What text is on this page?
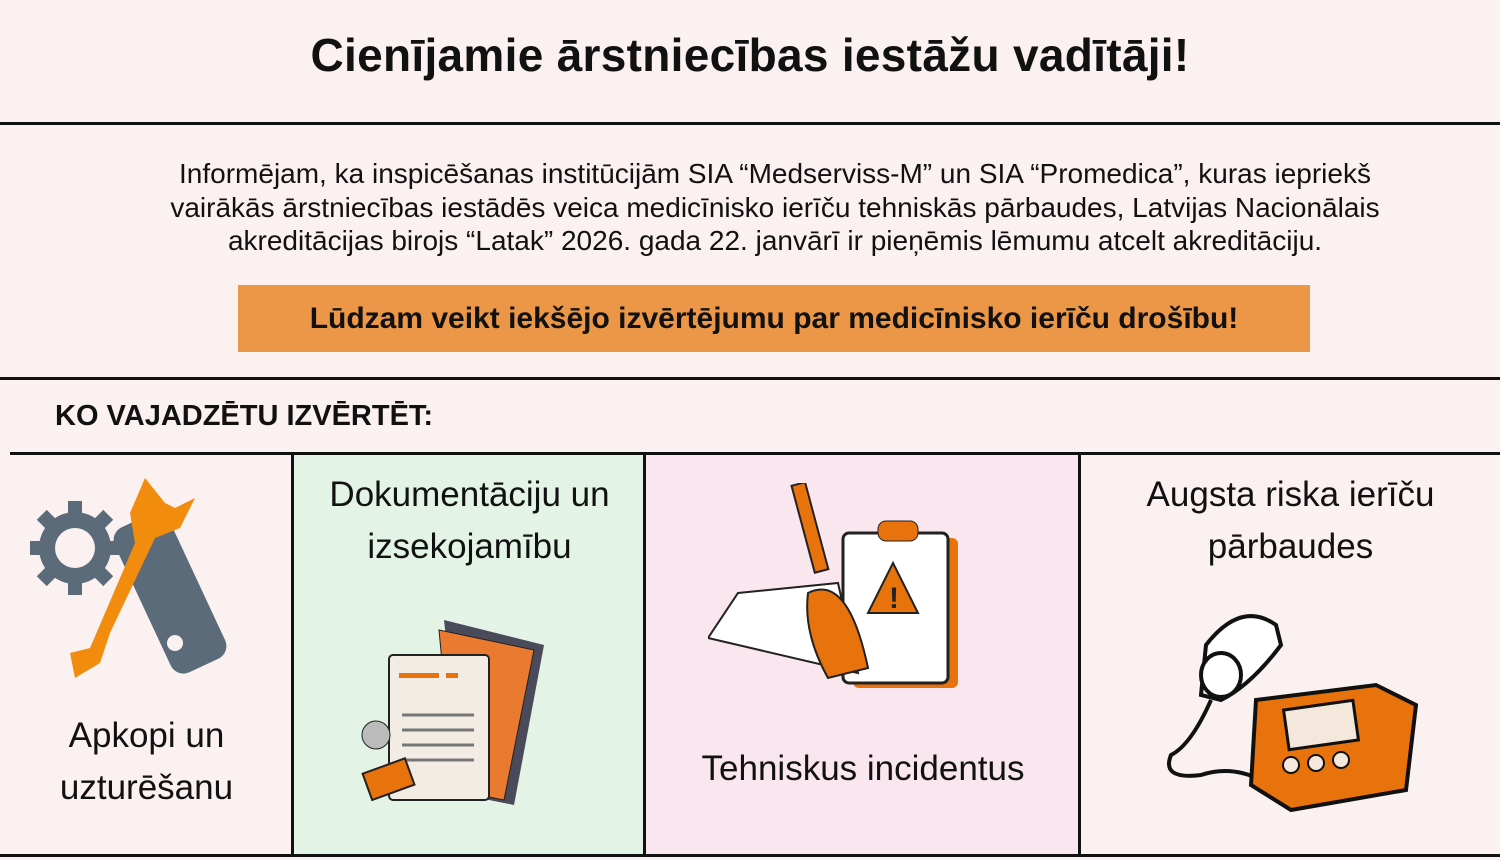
Cienījamie ārstniecības iestāžu vadītāji!
Informējam, ka inspicēšanas institūcijām SIA “Medserviss-M” un SIA “Promedica”, kuras iepriekš
vairākās ārstniecības iestādēs veica medicīnisko ierīču tehniskās pārbaudes, Latvijas Nacionālais
akreditācijas birojs “Latak” 2026. gada 22. janvārī ir pieņēmis lēmumu atcelt akreditāciju.
Lūdzam veikt iekšējo izvērtējumu par medicīnisko ierīču drošību!
KO VAJADZĒTU IZVĒRTĒT:
Apkopi un
uzturēšanu
Dokumentāciju un
izsekojamību
!
Tehniskus incidentus
Augsta riska ierīču
pārbaudes
